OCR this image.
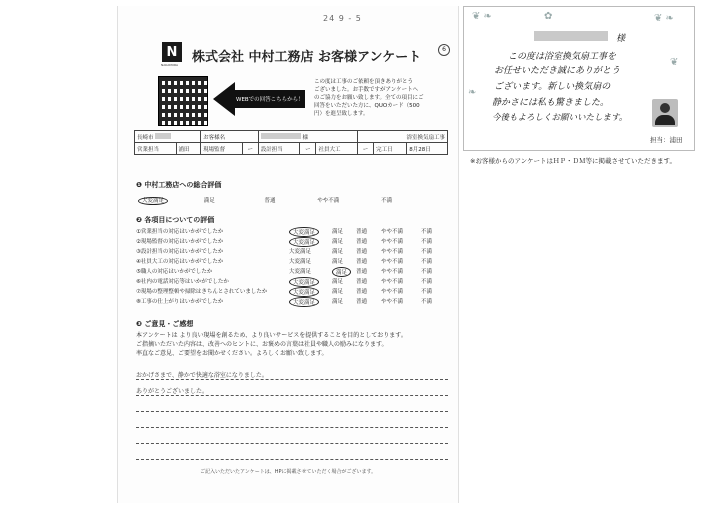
24 9 - 5
N
NAKAMURA 株式会社 中村工務店 お客様アンケート
6
WEBでの回答こちらから！
この度は工事のご依頼を頂きありがとう
ございました。お手数ですがアンケートへ
のご協力をお願い致します。全ての項目にご
回答をいただいた方に、QUOカード（500
円）を進呈致します。
長崎市		お客様名		様			浴室換気扇工事		
営業担当	浦田	現場監督	ー	設計担当	ー	社員大工	ー	完工日	8月28日
❶ 中村工務店への総合評価
大変満足	満足	普通	やや不満	不満
❷ 各項目についての評価
❸ ご意見・ご感想
本アンケートは より良い現場を創るため、より良いサービスを提供することを目的としております。
ご指摘いただいた内容は、改善へのヒントに、お褒めの言葉は社員や職人の励みになります。
率直なご意見、ご要望をお聞かせください。よろしくお願い致します。
おかげさまで、静かで快適な浴室になりました。
ありがとうございました。
ご記入いただいたアンケートは、HPに掲載させていただく場合がございます。
①営業担当の対応はいかがでしたか	大変満足	満足 普通	やや不満	不満
②現場監督の対応はいかがでしたか	大変満足	満足 普通	やや不満	不満
③設計担当の対応はいかがでしたか	大変満足	満足 普通	やや不満	不満
④社員大工の対応はいかがでしたか	大変満足	満足 普通	やや不満	不満
⑤職人の対応はいかがでしたか	大変満足	満足	普通	やや不満	不満
⑥社内の電話対応等はいかがでしたか	大変満足	満足 普通	やや不満	不満
⑦現場の整理整頓や掃除はきちんとされていましたか	大変満足	満足 普通	やや不満	不満
⑧工事の仕上がりはいかがでしたか	大変満足	満足 普通	やや不満	不満
❦ ❧	✿	❦ ❧
❧
❦
様
この度は浴室換気扇工事を
お任せいただき誠にありがとう
ございます。新しい換気扇の
静かさには私も驚きました。
今後もよろしくお願いいたします。
担当：浦田
※お客様からのアンケートはＨＰ・ＤＭ等に掲載させていただきます。
